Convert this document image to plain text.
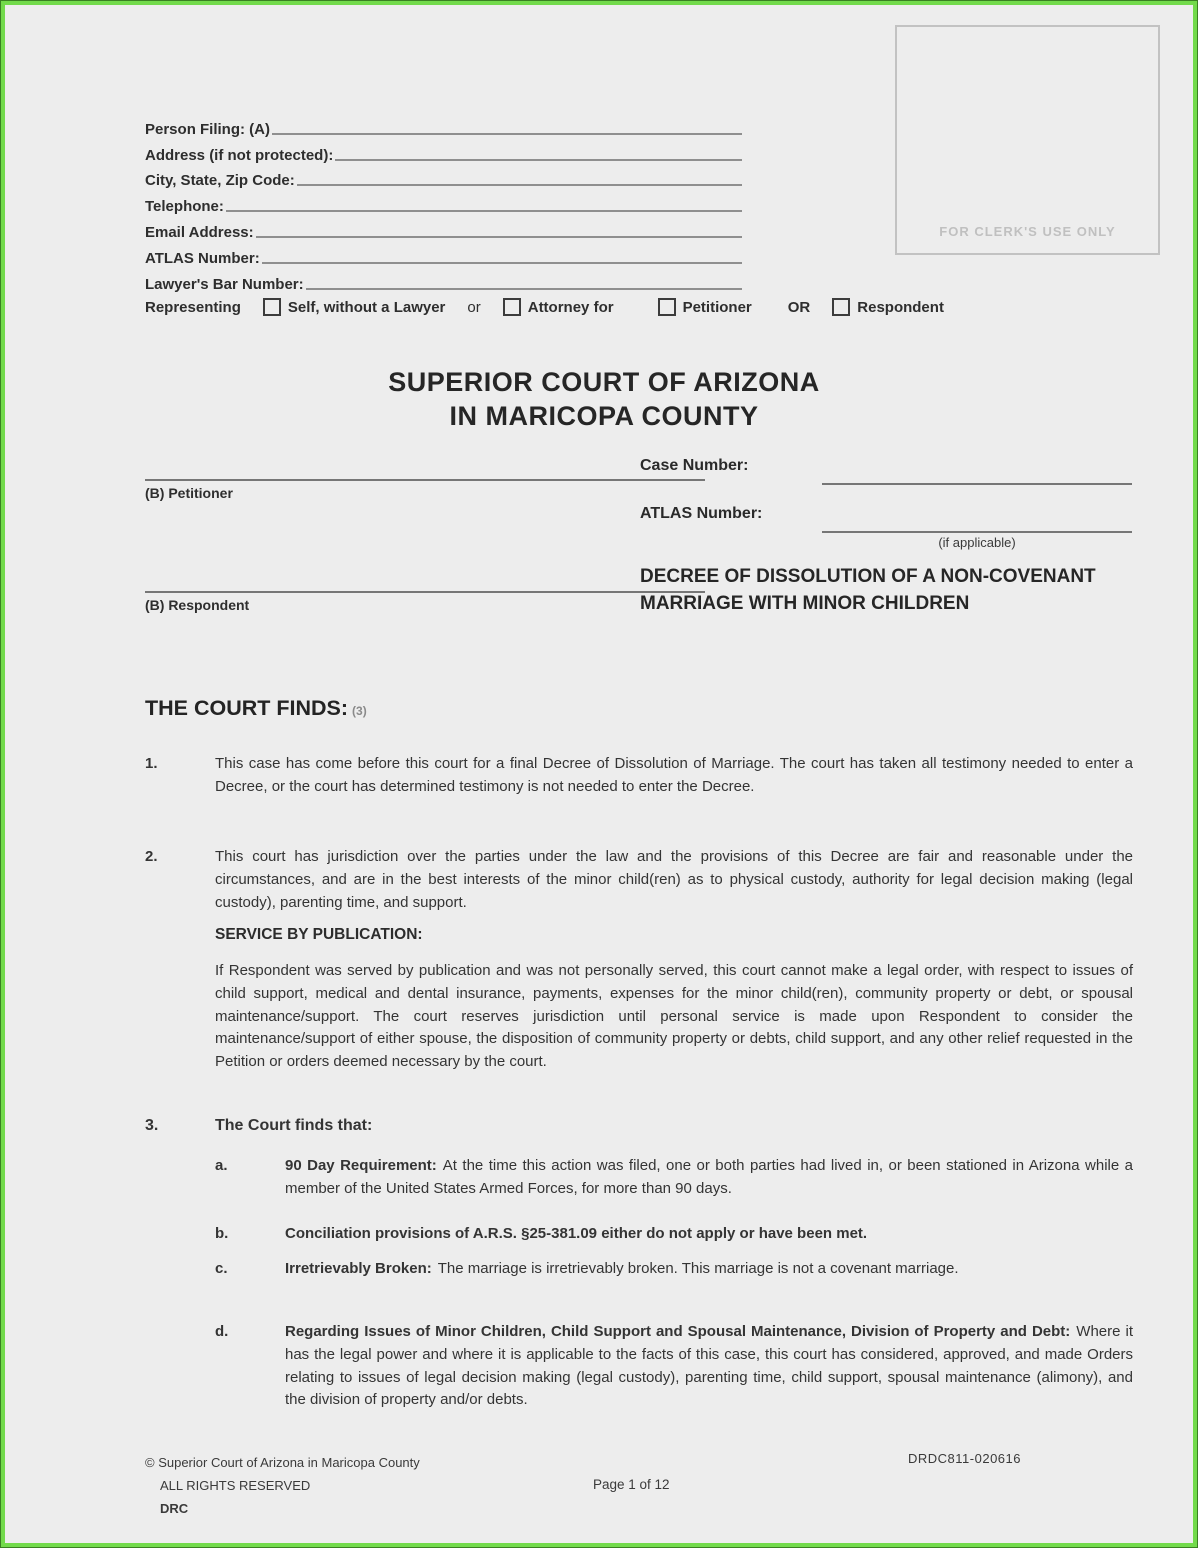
Person Filing: (A)
Address (if not protected):
City, State, Zip Code:
Telephone:
Email Address:
ATLAS Number:
Lawyer's Bar Number:
FOR CLERK'S USE ONLY
Representing	Self, without a Lawyer or	Attorney for	Petitioner OR	Respondent
SUPERIOR COURT OF ARIZONA
IN MARICOPA COUNTY
(B) Petitioner
(B) Respondent
Case Number:
ATLAS Number:
(if applicable)
DECREE OF DISSOLUTION OF A NON-COVENANT MARRIAGE WITH MINOR CHILDREN
THE COURT FINDS: (3)
1.	This case has come before this court for a final Decree of Dissolution of Marriage. The court has taken all testimony needed to enter a Decree, or the court has determined testimony is not needed to enter the Decree.
2.	This court has jurisdiction over the parties under the law and the provisions of this Decree are fair and reasonable under the circumstances, and are in the best interests of the minor child(ren) as to physical custody, authority for legal decision making (legal custody), parenting time, and support.
SERVICE BY PUBLICATION:
If Respondent was served by publication and was not personally served, this court cannot make a legal order, with respect to issues of child support, medical and dental insurance, payments, expenses for the minor child(ren), community property or debt, or spousal maintenance/support. The court reserves jurisdiction until personal service is made upon Respondent to consider the maintenance/support of either spouse, the disposition of community property or debts, child support, and any other relief requested in the Petition or orders deemed necessary by the court.
3.	The Court finds that:
a.	90 Day Requirement: At the time this action was filed, one or both parties had lived in, or been stationed in Arizona while a member of the United States Armed Forces, for more than 90 days.
b.	Conciliation provisions of A.R.S. §25-381.09 either do not apply or have been met.
c.	Irretrievably Broken: The marriage is irretrievably broken. This marriage is not a covenant marriage.
d.	Regarding Issues of Minor Children, Child Support and Spousal Maintenance, Division of Property and Debt: Where it has the legal power and where it is applicable to the facts of this case, this court has considered, approved, and made Orders relating to issues of legal decision making (legal custody), parenting time, child support, spousal maintenance (alimony), and the division of property and/or debts.
© Superior Court of Arizona in Maricopa County
ALL RIGHTS RESERVED
DRC
Page 1 of 12
DRDC811-020616
